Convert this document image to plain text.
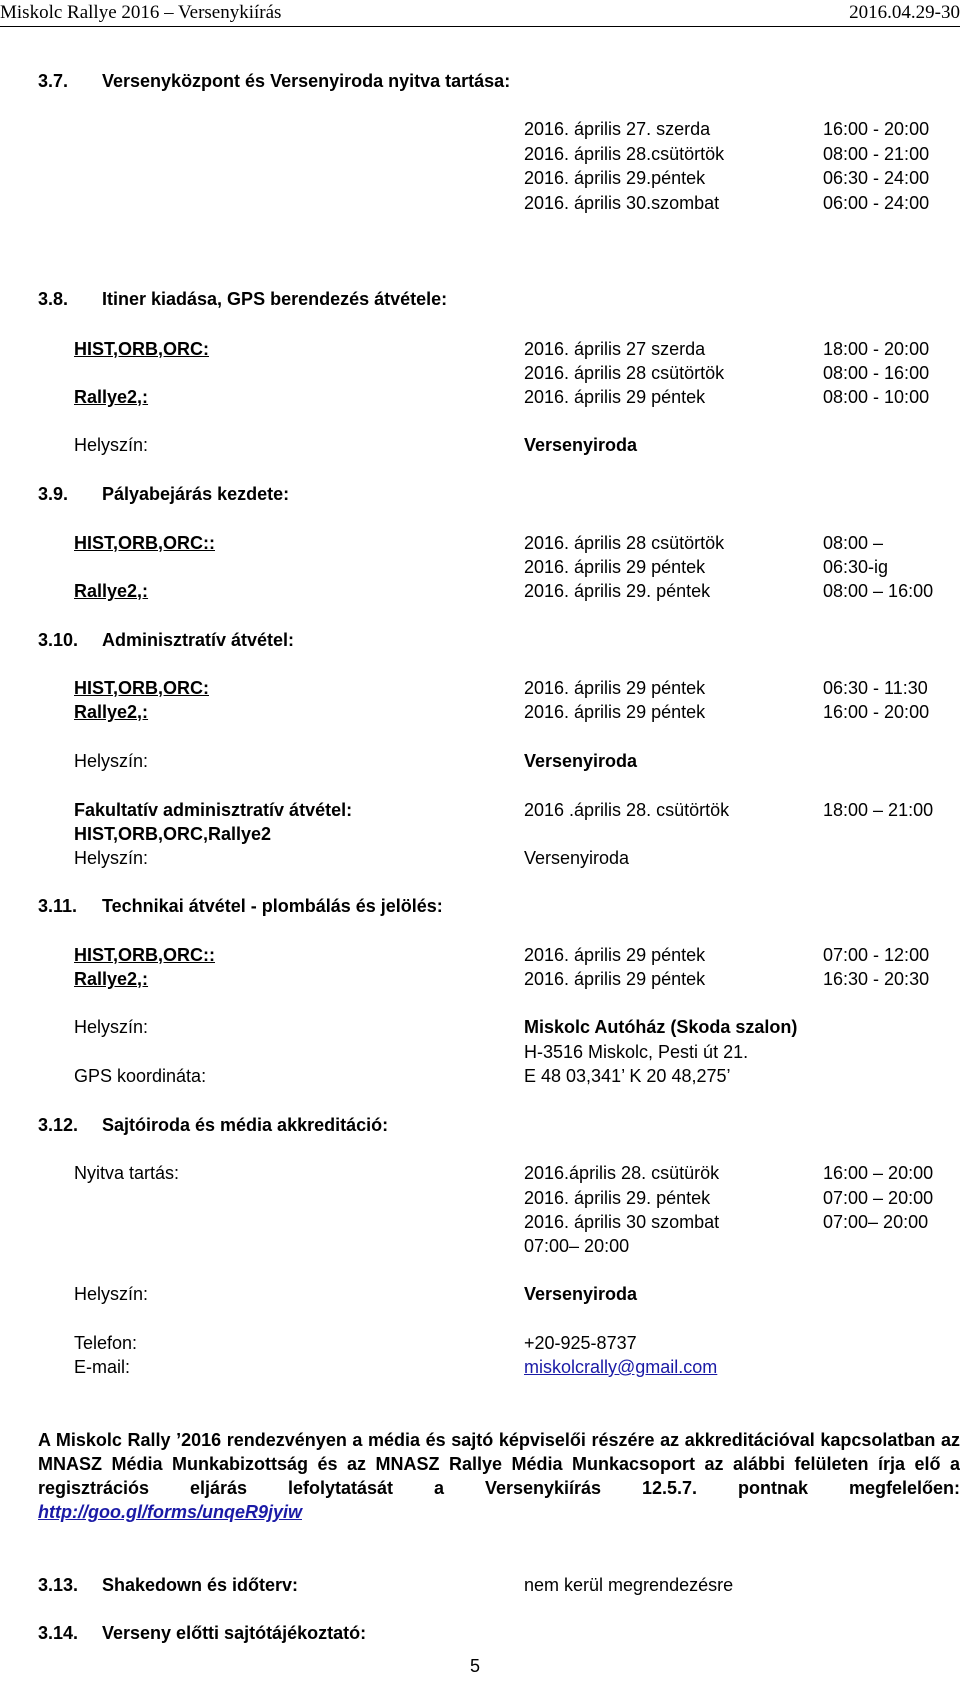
Miskolc Rallye 2016 – Versenykiírás	2016.04.29-30
3.7. Versenyközpont és Versenyiroda nyitva tartása:
2016. április 27. szerda	16:00 - 20:00
2016. április 28.csütörtök	08:00 - 21:00
2016. április 29.péntek	06:30 - 24:00
2016. április 30.szombat	06:00 - 24:00
3.8. Itiner kiadása, GPS berendezés átvétele:
HIST,ORB,ORC:	2016. április 27 szerda	18:00 - 20:00
2016. április 28 csütörtök	08:00 - 16:00
Rallye2,:	2016. április 29 péntek	08:00 - 10:00
Helyszín:	Versenyiroda
3.9. Pályabejárás kezdete:
HIST,ORB,ORC::	2016. április 28 csütörtök	08:00 –
2016. április 29 péntek	06:30-ig
Rallye2,:	2016. április 29. péntek	08:00 – 16:00
3.10. Adminisztratív átvétel:
HIST,ORB,ORC:	2016. április 29 péntek	06:30 - 11:30
Rallye2,:	2016. április 29 péntek	16:00 - 20:00
Helyszín:	Versenyiroda
Fakultatív adminisztratív átvétel:	2016 .április 28. csütörtök	18:00 – 21:00
HIST,ORB,ORC,Rallye2
Helyszín:	Versenyiroda
3.11. Technikai átvétel - plombálás és jelölés:
HIST,ORB,ORC::	2016. április 29 péntek	07:00 - 12:00
Rallye2,:	2016. április 29 péntek	16:30 - 20:30
Helyszín:	Miskolc Autóház (Skoda szalon)
H-3516 Miskolc, Pesti út 21.
GPS koordináta:	E 48 03,341’ K 20 48,275’
3.12. Sajtóiroda és média akkreditáció:
Nyitva tartás:	2016.április 28. csütürök	16:00 – 20:00
2016. április 29. péntek	07:00 – 20:00
2016. április 30 szombat	07:00– 20:00
07:00– 20:00
Helyszín:	Versenyiroda
Telefon:	+20-925-8737
E-mail:	miskolcrally@gmail.com
A Miskolc Rally ’2016 rendezvényen a média és sajtó képviselői részére az akkreditációval kapcsolatban az MNASZ Média Munkabizottság és az MNASZ Rallye Média Munkacsoport az alábbi felületen írja elő a regisztrációs eljárás lefolytatását a Versenykiírás 12.5.7. pontnak megfelelően: http://goo.gl/forms/unqeR9jyiw
3.13. Shakedown és időterv:	nem kerül megrendezésre
3.14. Verseny előtti sajtótájékoztató:
5
